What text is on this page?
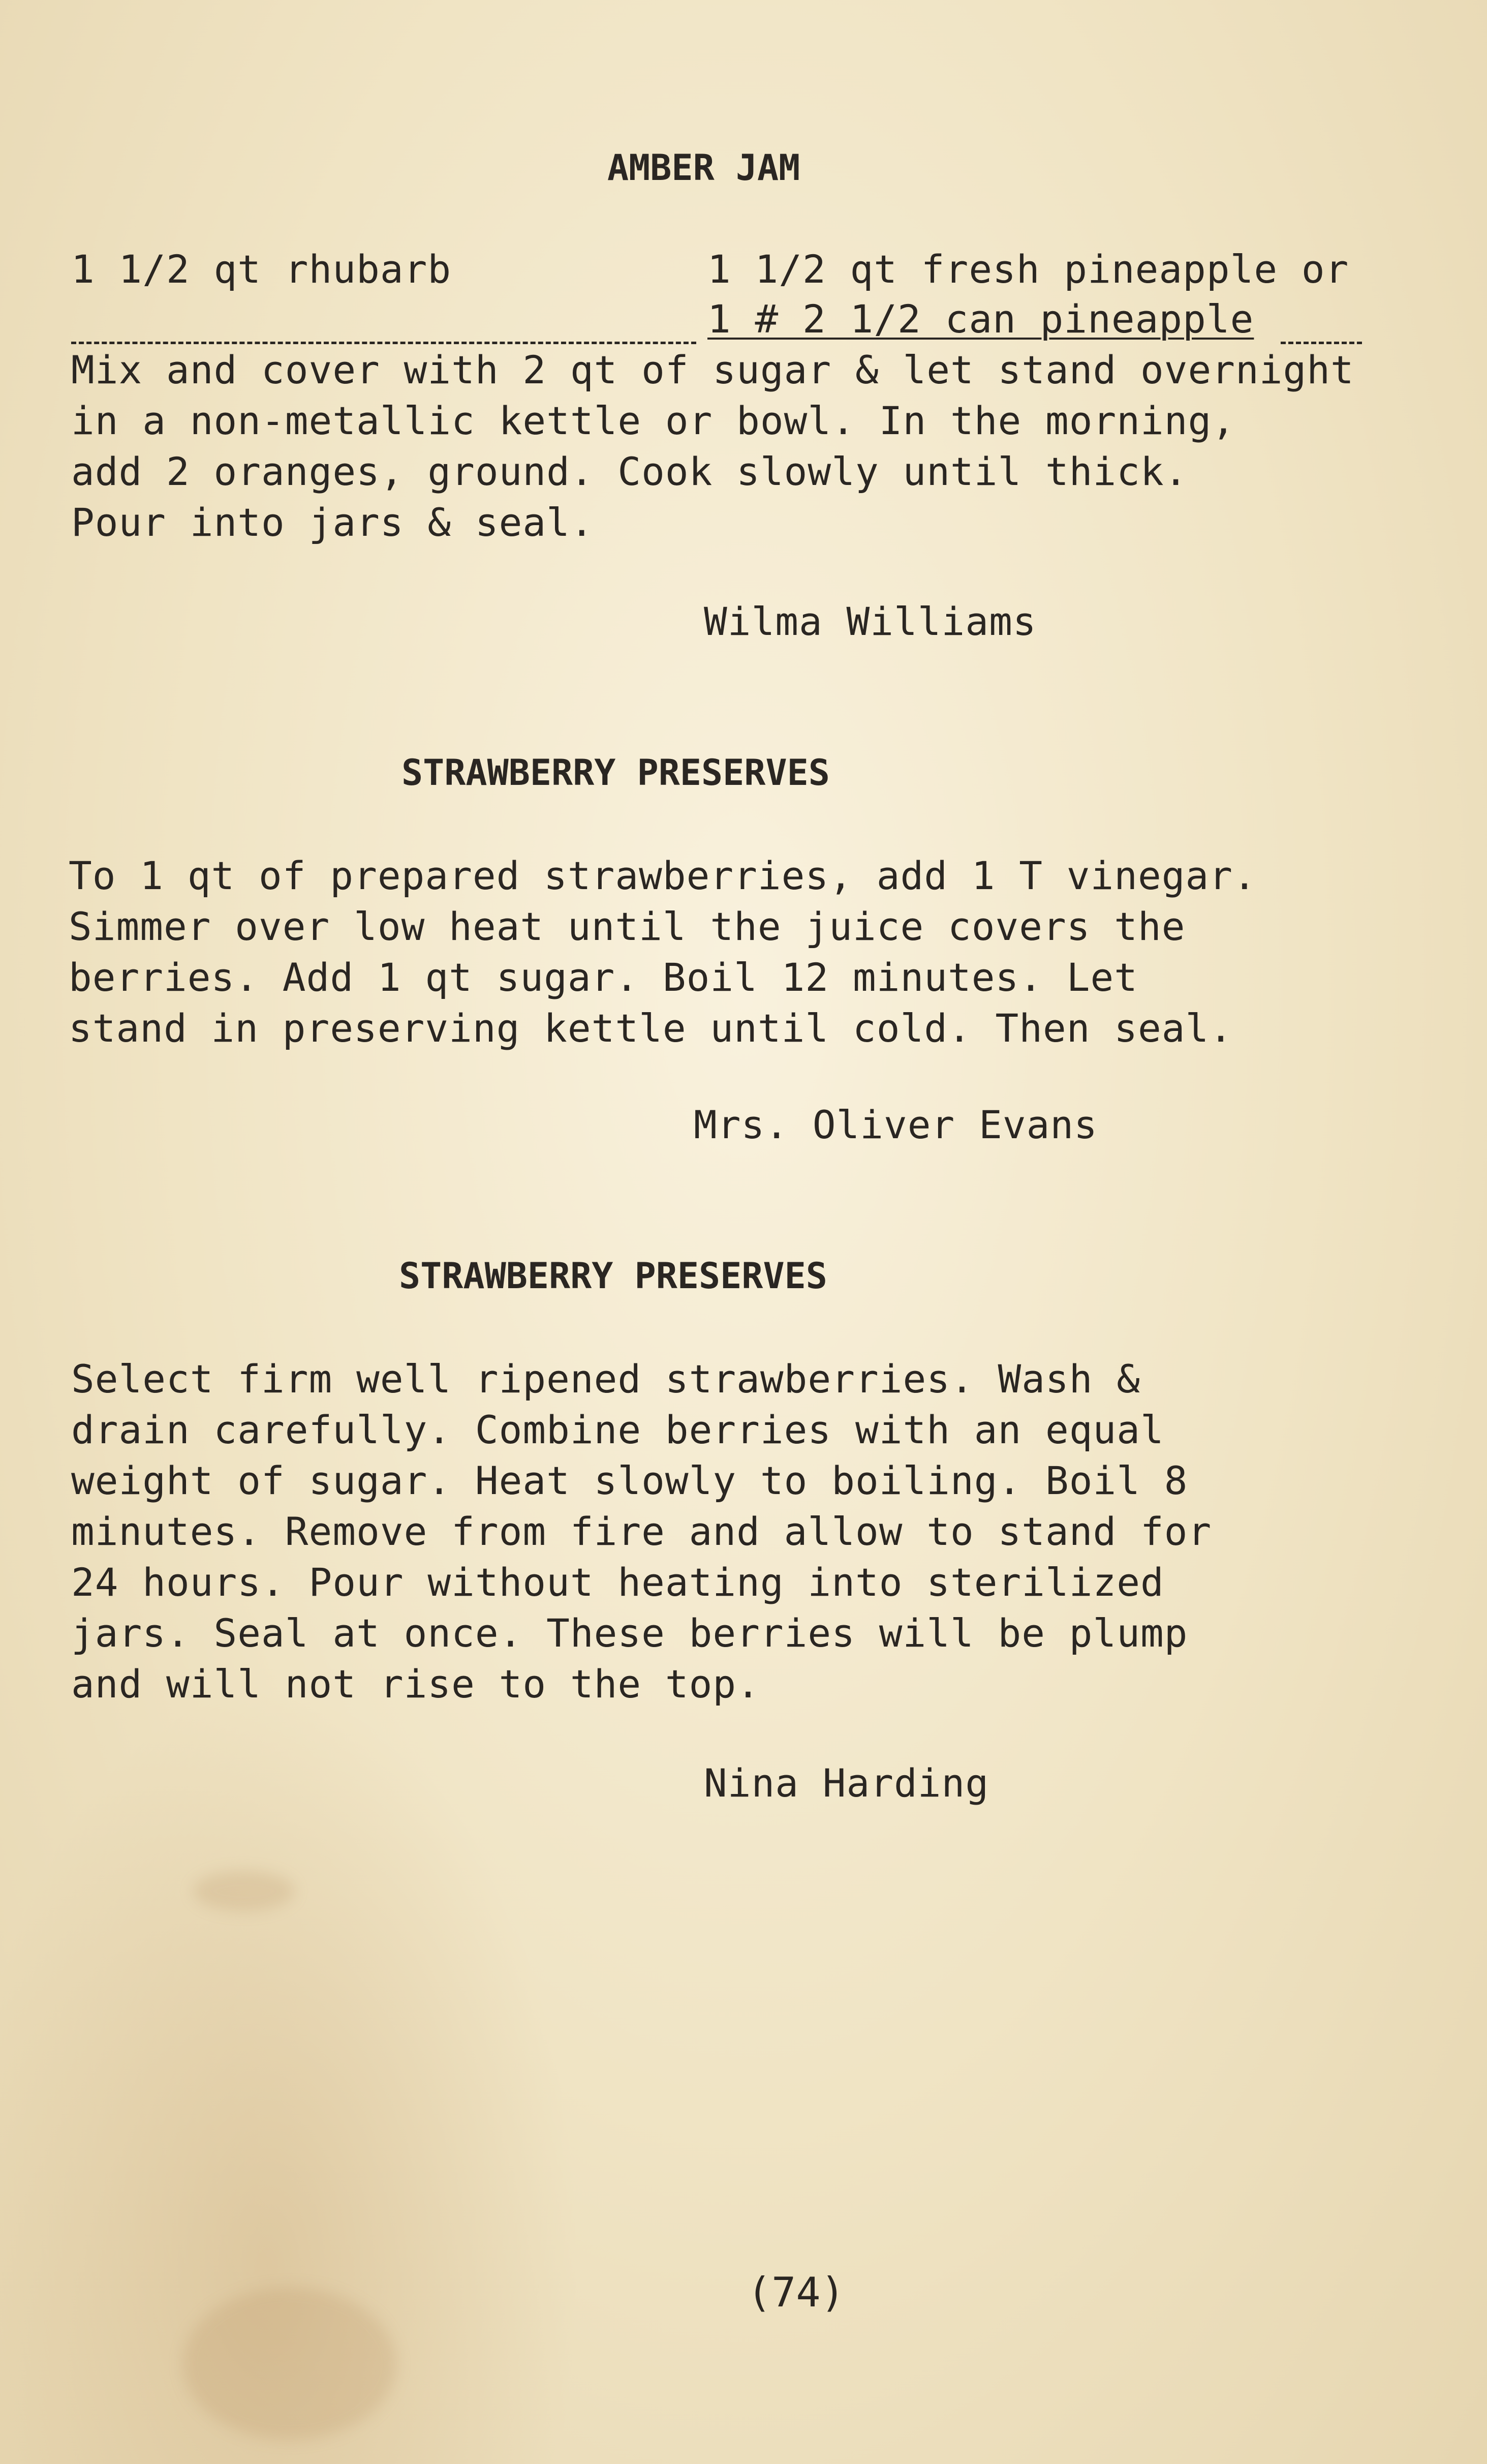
AMBER JAM
1 1/2 qt rhubarb	1 1/2 qt fresh pineapple or
1 # 2 1/2 can pineapple
Mix and cover with 2 qt of sugar & let stand overnight
in a non-metallic kettle or bowl. In the morning,
add 2 oranges, ground. Cook slowly until thick.
Pour into jars & seal.
Wilma Williams
STRAWBERRY PRESERVES
To 1 qt of prepared strawberries, add 1 T vinegar.
Simmer over low heat until the juice covers the
berries. Add 1 qt sugar. Boil 12 minutes. Let
stand in preserving kettle until cold. Then seal.
Mrs. Oliver Evans
STRAWBERRY PRESERVES
Select firm well ripened strawberries. Wash &
drain carefully. Combine berries with an equal
weight of sugar. Heat slowly to boiling. Boil 8
minutes. Remove from fire and allow to stand for
24 hours. Pour without heating into sterilized
jars. Seal at once. These berries will be plump
and will not rise to the top.
Nina Harding
(74)
